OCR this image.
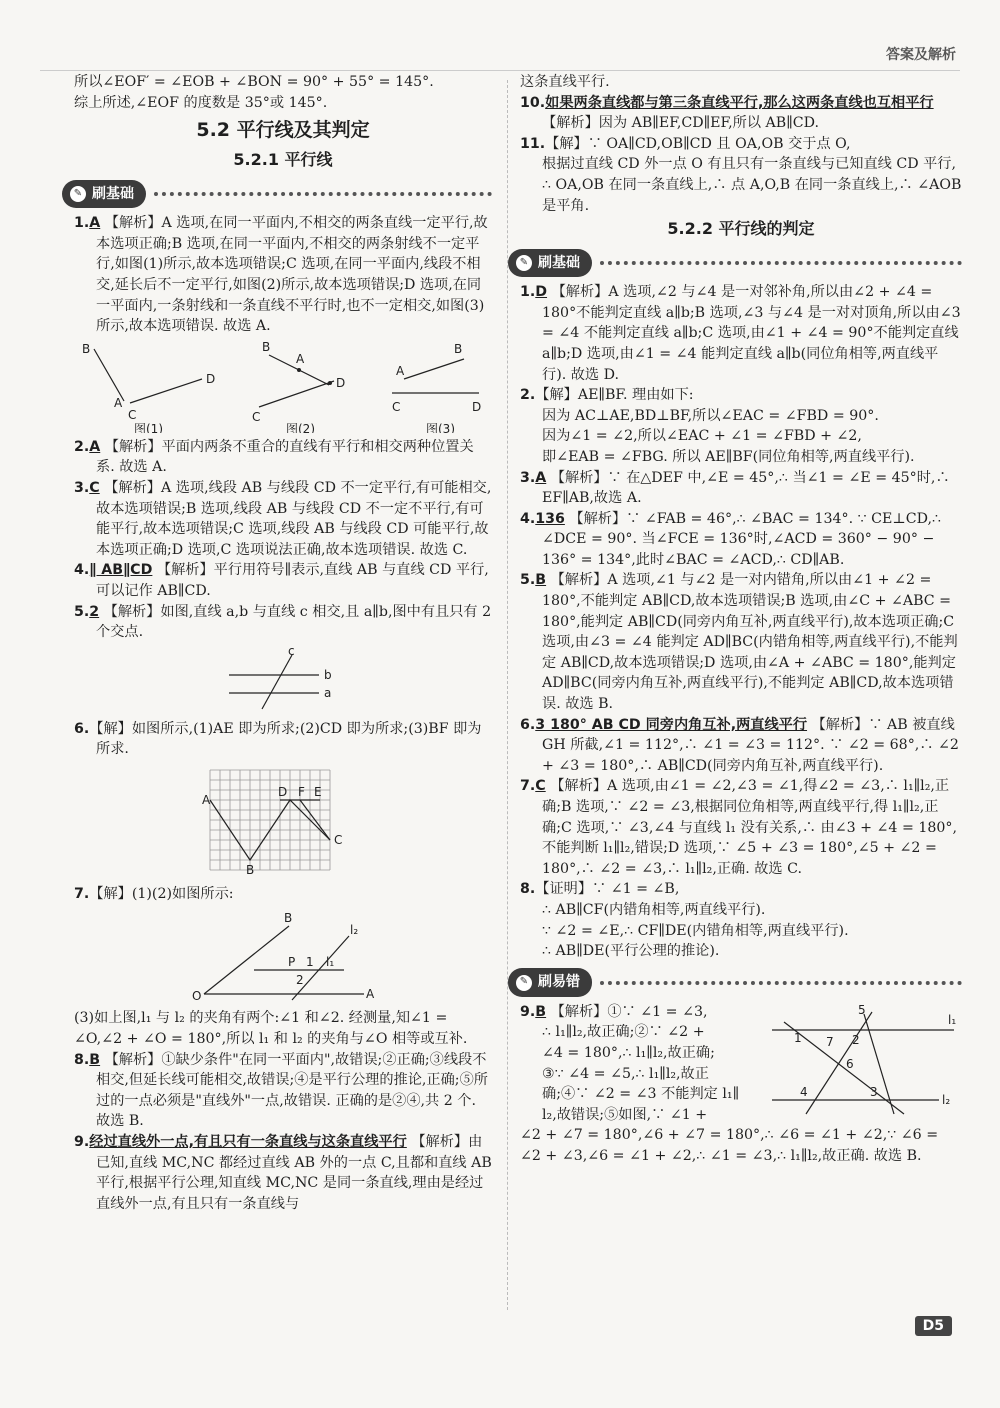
答案及解析

所以∠EOF′ = ∠EOB + ∠BON = 90° + 55° = 145°.

综上所述,∠EOF 的度数是 35°或 145°.

5.2 平行线及其判定
5.2.1 平行线
✎ 刷基础

1.A 【解析】A 选项,在同一平面内,不相交的两条直线一定平行,故本选项正确;B 选项,在同一平面内,不相交的两条射线不一定平行,如图(1)所示,故本选项错误;C 选项,在同一平面内,线段不相交,延长后不一定平行,如图(2)所示,故本选项错误;D 选项,在同一平面内,一条射线和一条直线不平行时,也不一定相交,如图(3)所示,故本选项错误. 故选 A.

B
A
C
D
图(1)
B
A
D
C
图(2)
A
B
C	D
图(3)

2.A 【解析】平面内两条不重合的直线有平行和相交两种位置关系. 故选 A.

3.C 【解析】A 选项,线段 AB 与线段 CD 不一定平行,有可能相交,故本选项错误;B 选项,线段 AB 与线段 CD 不一定不平行,有可能平行,故本选项错误;C 选项,线段 AB 与线段 CD 可能平行,故本选项正确;D 选项,C 选项说法正确,故本选项错误. 故选 C.

4.∥ AB∥CD 【解析】平行用符号∥表示,直线 AB 与直线 CD 平行,可以记作 AB∥CD.

5.2 【解析】如图,直线 a,b 与直线 c 相交,且 a∥b,图中有且只有 2 个交点.

c
b
a

6.【解】如图所示,(1)AE 即为所求;(2)CD 即为所求;(3)BF 即为所求.

A
D F E
B
C

7.【解】(1)(2)如图所示:

B
l₂
P 1 l₁
2
O	A

(3)如上图,l₁ 与 l₂ 的夹角有两个:∠1 和∠2. 经测量,知∠1 = ∠O,∠2 + ∠O = 180°,所以 l₁ 和 l₂ 的夹角与∠O 相等或互补.

8.B 【解析】①缺少条件"在同一平面内",故错误;②正确;③线段不相交,但延长线可能相交,故错误;④是平行公理的推论,正确;⑤所过的一点必须是"直线外"一点,故错误. 正确的是②④,共 2 个. 故选 B.

9.经过直线外一点,有且只有一条直线与这条直线平行 【解析】由已知,直线 MC,NC 都经过直线 AB 外的一点 C,且都和直线 AB 平行,根据平行公理,知直线 MC,NC 是同一条直线,理由是经过直线外一点,有且只有一条直线与

这条直线平行.

10.如果两条直线都与第三条直线平行,那么这两条直线也互相平行 【解析】因为 AB∥EF,CD∥EF,所以 AB∥CD.

11.【解】∵ OA∥CD,OB∥CD 且 OA,OB 交于点 O,
根据过直线 CD 外一点 O 有且只有一条直线与已知直线 CD 平行,
∴ OA,OB 在同一条直线上,∴ 点 A,O,B 在同一条直线上,∴ ∠AOB 是平角.
5.2.2 平行线的判定
✎ 刷基础

1.D 【解析】A 选项,∠2 与∠4 是一对邻补角,所以由∠2 + ∠4 = 180°不能判定直线 a∥b;B 选项,∠3 与∠4 是一对对顶角,所以由∠3 = ∠4 不能判定直线 a∥b;C 选项,由∠1 + ∠4 = 90°不能判定直线 a∥b;D 选项,由∠1 = ∠4 能判定直线 a∥b(同位角相等,两直线平行). 故选 D.

2.【解】AE∥BF. 理由如下:
因为 AC⊥AE,BD⊥BF,所以∠EAC = ∠FBD = 90°.
因为∠1 = ∠2,所以∠EAC + ∠1 = ∠FBD + ∠2,
即∠EAB = ∠FBG. 所以 AE∥BF(同位角相等,两直线平行).

3.A 【解析】∵ 在△DEF 中,∠E = 45°,∴ 当∠1 = ∠E = 45°时,∴ EF∥AB,故选 A.

4.136 【解析】∵ ∠FAB = 46°,∴ ∠BAC = 134°. ∵ CE⊥CD,∴ ∠DCE = 90°. 当∠FCE = 136°时,∠ACD = 360° − 90° − 136° = 134°,此时∠BAC = ∠ACD,∴ CD∥AB.

5.B 【解析】A 选项,∠1 与∠2 是一对内错角,所以由∠1 + ∠2 = 180°,不能判定 AB∥CD,故本选项错误;B 选项,由∠C + ∠ABC = 180°,能判定 AB∥CD(同旁内角互补,两直线平行),故本选项正确;C 选项,由∠3 = ∠4 能判定 AD∥BC(内错角相等,两直线平行),不能判定 AB∥CD,故本选项错误;D 选项,由∠A + ∠ABC = 180°,能判定 AD∥BC(同旁内角互补,两直线平行),不能判定 AB∥CD,故本选项错误. 故选 B.

6.3 180° AB CD 同旁内角互补,两直线平行 【解析】∵ AB 被直线 GH 所截,∠1 = 112°,∴ ∠1 = ∠3 = 112°. ∵ ∠2 = 68°,∴ ∠2 + ∠3 = 180°,∴ AB∥CD(同旁内角互补,两直线平行).

7.C 【解析】A 选项,由∠1 = ∠2,∠3 = ∠1,得∠2 = ∠3,∴ l₁∥l₂,正确;B 选项,∵ ∠2 = ∠3,根据同位角相等,两直线平行,得 l₁∥l₂,正确;C 选项,∵ ∠3,∠4 与直线 l₁ 没有关系,∴ 由∠3 + ∠4 = 180°,不能判断 l₁∥l₂,错误;D 选项,∵ ∠5 + ∠3 = 180°,∠5 + ∠2 = 180°,∴ ∠2 = ∠3,∴ l₁∥l₂,正确. 故选 C.

8.【证明】∵ ∠1 = ∠B,
∴ AB∥CF(内错角相等,两直线平行).
∵ ∠2 = ∠E,∴ CF∥DE(内错角相等,两直线平行).
∴ AB∥DE(平行公理的推论).
✎ 刷易错
9.B 【解析】①∵ ∠1 = ∠3,
∴ l₁∥l₂,故正确;②∵ ∠2 +
∠4 = 180°,∴ l₁∥l₂,故正确;
③∵ ∠4 = ∠5,∴ l₁∥l₂,故正
确;④∵ ∠2 = ∠3 不能判定 l₁∥
l₂,故错误;⑤如图,∵ ∠1 +
5
l₁
1 7 2
6
4	3
l₂

∠2 + ∠7 = 180°,∠6 + ∠7 = 180°,∴ ∠6 = ∠1 + ∠2,∵ ∠6 = ∠2 + ∠3,∠6 = ∠1 + ∠2,∴ ∠1 = ∠3,∴ l₁∥l₂,故正确. 故选 B.

D5
